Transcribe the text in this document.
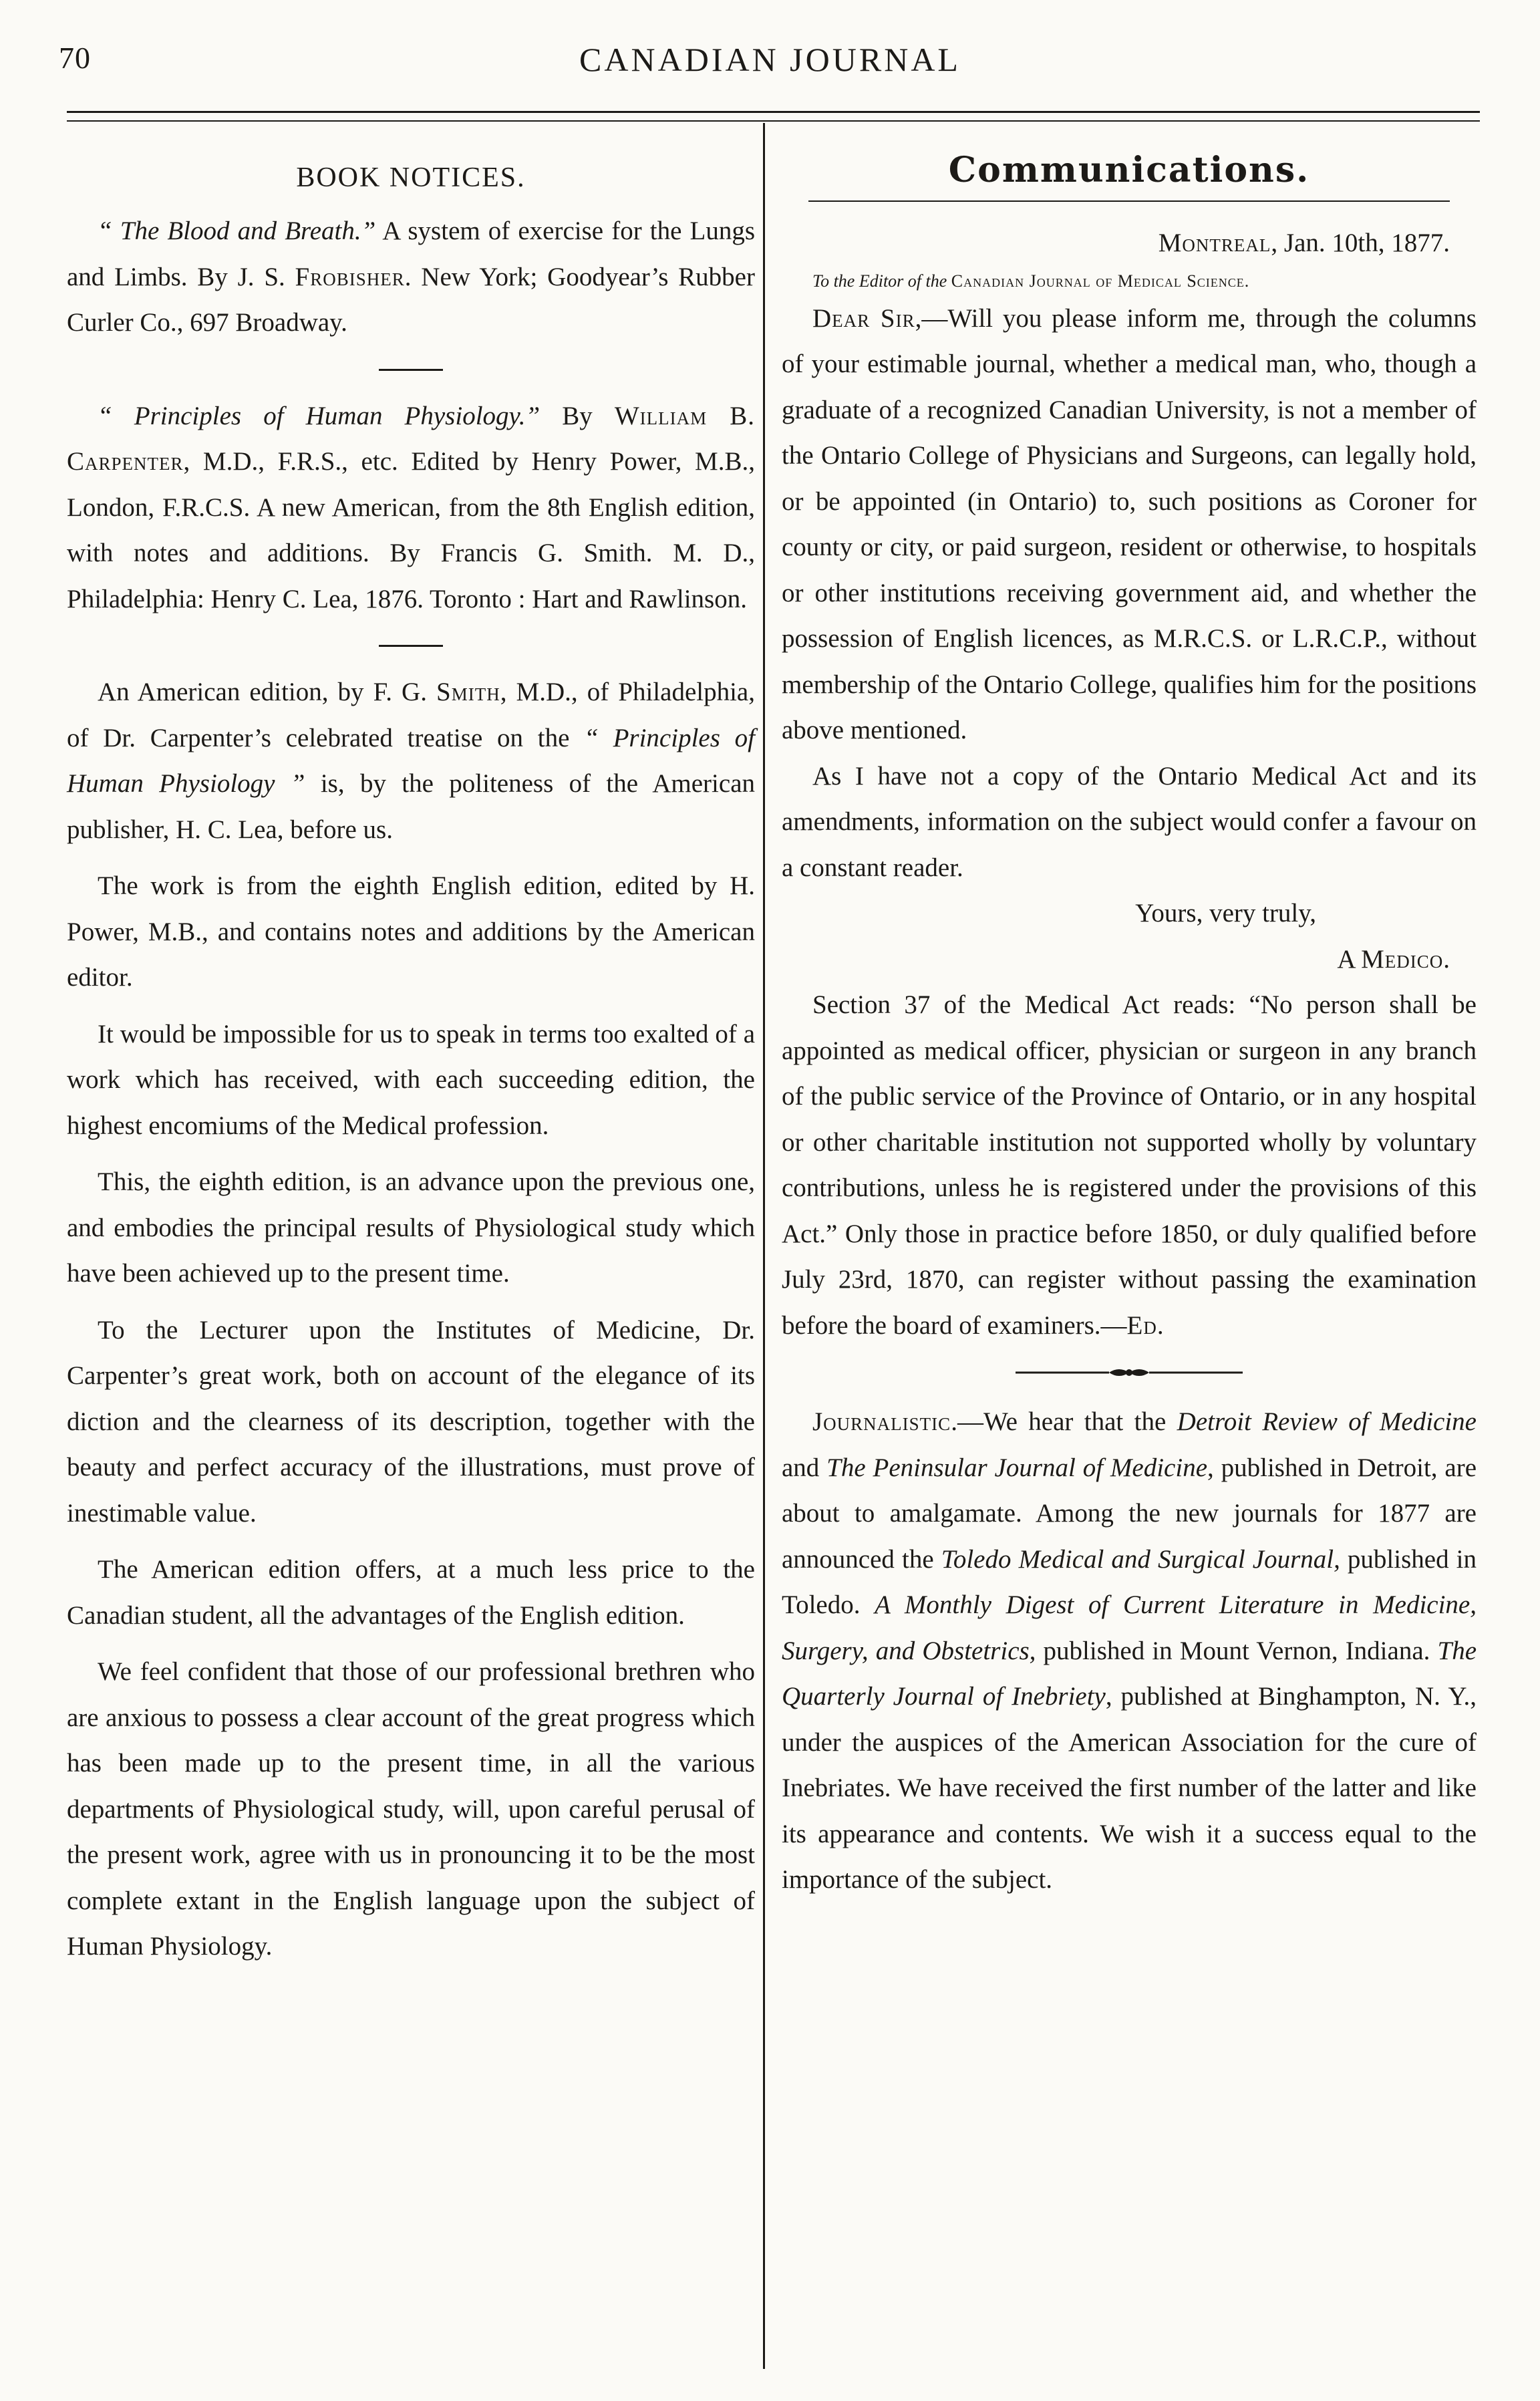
70	CANADIAN JOURNAL
BOOK NOTICES.

“ The Blood and Breath.” A system of exercise for the Lungs and Limbs. By J. S. Frobisher. New York; Goodyear’s Rubber Curler Co., 697 Broadway.

“ Principles of Human Physiology.” By William B. Carpenter, M.D., F.R.S., etc. Edited by Henry Power, M.B., London, F.R.C.S. A new American, from the 8th English edition, with notes and additions. By Francis G. Smith. M. D., Philadelphia: Henry C. Lea, 1876. Toronto : Hart and Rawlinson.

An American edition, by F. G. Smith, M.D., of Philadelphia, of Dr. Carpenter’s celebrated treatise on the “ Principles of Human Physiology ” is, by the politeness of the American publisher, H. C. Lea, before us.

The work is from the eighth English edition, edited by H. Power, M.B., and contains notes and additions by the American editor.

It would be impossible for us to speak in terms too exalted of a work which has received, with each succeeding edition, the highest encomiums of the Medical profession.

This, the eighth edition, is an advance upon the previous one, and embodies the principal results of Physiological study which have been achieved up to the present time.

To the Lecturer upon the Institutes of Medicine, Dr. Carpenter’s great work, both on account of the elegance of its diction and the clearness of its description, together with the beauty and perfect accuracy of the illustrations, must prove of inestimable value.

The American edition offers, at a much less price to the Canadian student, all the advantages of the English edition.

We feel confident that those of our professional brethren who are anxious to possess a clear account of the great progress which has been made up to the present time, in all the various departments of Physiological study, will, upon careful perusal of the present work, agree with us in pronouncing it to be the most complete extant in the English language upon the subject of Human Physiology.

Communications.

Montreal, Jan. 10th, 1877.

To the Editor of the Canadian Journal of Medical Science.

Dear Sir,—Will you please inform me, through the columns of your estimable journal, whether a medical man, who, though a graduate of a recognized Canadian University, is not a member of the Ontario College of Physicians and Surgeons, can legally hold, or be appointed (in Ontario) to, such positions as Coroner for county or city, or paid surgeon, resident or otherwise, to hospitals or other institutions receiving government aid, and whether the possession of English licences, as M.R.C.S. or L.R.C.P., without membership of the Ontario College, qualifies him for the positions above mentioned.

As I have not a copy of the Ontario Medical Act and its amendments, information on the subject would confer a favour on a constant reader.

Yours, very truly,

A Medico.

Section 37 of the Medical Act reads: “No person shall be appointed as medical officer, physician or surgeon in any branch of the public service of the Province of Ontario, or in any hospital or other charitable institution not supported wholly by voluntary contributions, unless he is registered under the provisions of this Act.” Only those in practice before 1850, or duly qualified before July 23rd, 1870, can register without passing the examination before the board of examiners.—Ed.

Journalistic.—We hear that the Detroit Review of Medicine and The Peninsular Journal of Medicine, published in Detroit, are about to amalgamate. Among the new journals for 1877 are announced the Toledo Medical and Surgical Journal, published in Toledo. A Monthly Digest of Current Literature in Medicine, Surgery, and Obstetrics, published in Mount Vernon, Indiana. The Quarterly Journal of Inebriety, published at Binghampton, N. Y., under the auspices of the American Association for the cure of Inebriates. We have received the first number of the latter and like its appearance and contents. We wish it a success equal to the importance of the subject.
